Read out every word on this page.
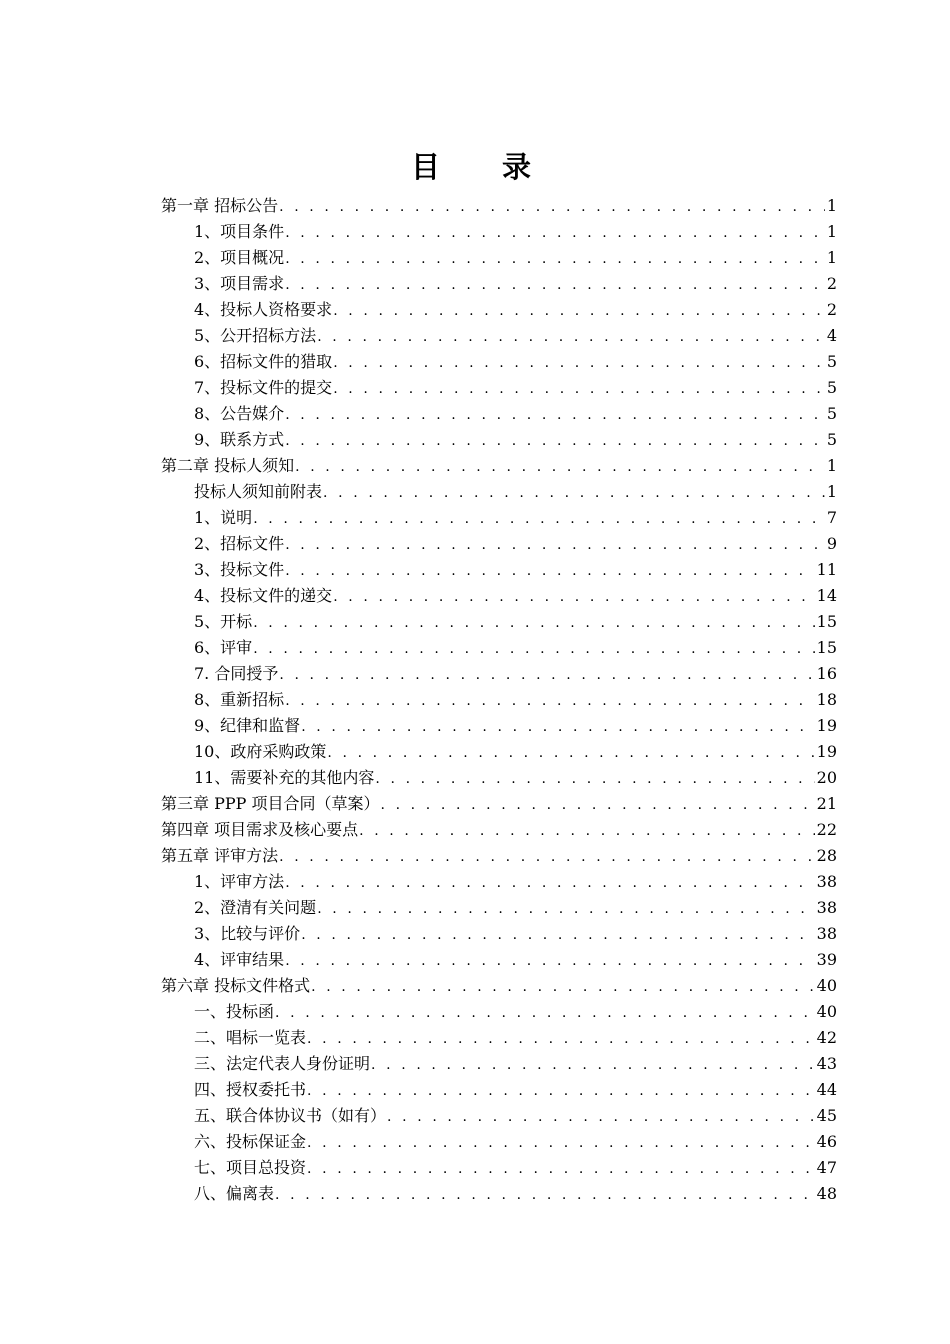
目 录
第一章 招标公告 . . .	1
1、项目条件 . . .	1
2、项目概况 . . .	1
3、项目需求 . . .	2
4、投标人资格要求 . . .	2
5、公开招标方法 . . .	4
6、招标文件的猎取 . . .	5
7、投标文件的提交 . . .	5
8、公告媒介 . . .	5
9、联系方式 . . .	5
第二章 投标人须知 . . .	1
投标人须知前附表 . . .	1
1、说明 . . .	7
2、招标文件 . . .	9
3、投标文件 . . .	11
4、投标文件的递交 . . .	14
5、开标 . . .	15
6、评审 . . .	15
7. 合同授予 . . .	16
8、重新招标 . . .	18
9、纪律和监督 . . .	19
10、政府采购政策 . . .	19
11、需要补充的其他内容 . . .	20
第三章 PPP 项目合同（草案） . . .	21
第四章 项目需求及核心要点 . . .	22
第五章 评审方法 . . .	28
1、评审方法 . . .	38
2、澄清有关问题 . . .	38
3、比较与评价 . . .	38
4、评审结果 . . .	39
第六章 投标文件格式 . . .	40
一、投标函 . . .	40
二、唱标一览表 . . .	42
三、法定代表人身份证明 . . .	43
四、授权委托书 . . .	44
五、联合体协议书（如有） . . .	45
六、投标保证金 . . .	46
七、项目总投资 . . .	47
八、偏离表 . . .	48
